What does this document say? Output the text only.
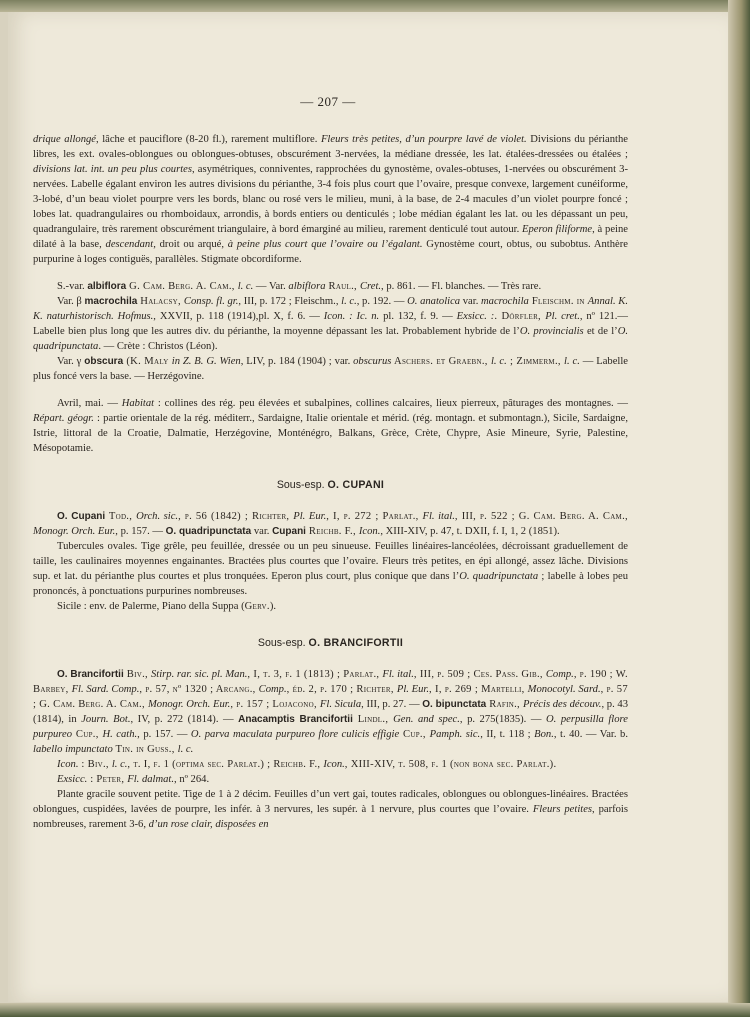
— 207 —

drique allongé, lâche et pauciflore (8-20 fl.), rarement multiflore. Fleurs très petites, d’un pourpre lavé de violet. Divisions du périanthe libres, les ext. ovales-oblongues ou oblongues-obtuses, obscurément 3-nervées, la médiane dressée, les lat. étalées-dressées ou étalées ; divisions lat. int. un peu plus courtes, asymétriques, conniventes, rapprochées du gynostème, ovales-obtuses, 1-nervées ou obscurément 3-nervées. Labelle égalant environ les autres divisions du périanthe, 3-4 fois plus court que l’ovaire, presque convexe, largement cunéiforme, 3-lobé, d’un beau violet pourpre vers les bords, blanc ou rosé vers le milieu, muni, à la base, de 2-4 macules d’un violet pourpre foncé ; lobes lat. quadrangulaires ou rhomboidaux, arrondis, à bords entiers ou denticulés ; lobe médian égalant les lat. ou les dépassant un peu, quadrangulaire, très rarement obscurément triangulaire, à bord émarginé au milieu, rarement denticulé tout autour. Eperon filiforme, à peine dilaté à la base, descendant, droit ou arqué, à peine plus court que l’ovaire ou l’égalant. Gynostème court, obtus, ou subobtus. Anthère purpurine à loges contiguës, parallèles. Stigmate obcordiforme.

S.-var. albiflora G. Cam. Berg. A. Cam., l. c. — Var. albiflora Raul., Cret., p. 861. — Fl. blanches. — Très rare.

Var. β macrochila Halacsy, Consp. fl. gr., III, p. 172 ; Fleischm., l. c., p. 192. — O. anatolica var. macrochila Fleischm. in Annal. K. K. naturhistorisch. Hofmus., XXVII, p. 118 (1914),pl. X, f. 6. — Icon. : Ic. n. pl. 132, f. 9. — Exsicc. :. Dörfler, Pl. cret., nº 121.— Labelle bien plus long que les autres div. du périanthe, la moyenne dépassant les lat. Probablement hybride de l’O. provincialis et de l’O. quadripunctata. — Crète : Christos (Léon).

Var. γ obscura (K. Maly in Z. B. G. Wien, LIV, p. 184 (1904) ; var. obscurus Aschers. et Graebn., l. c. ; Zimmerm., l. c. — Labelle plus foncé vers la base. — Herzégovine.

Avril, mai. — Habitat : collines des rég. peu élevées et subalpines, collines calcaires, lieux pierreux, pâturages des montagnes. — Répart. géogr. : partie orientale de la rég. méditerr., Sardaigne, Italie orientale et mérid. (rég. montagn. et submontagn.), Sicile, Sardaigne, Istrie, littoral de la Croatie, Dalmatie, Herzégovine, Monténégro, Balkans, Grèce, Crète, Chypre, Asie Mineure, Syrie, Palestine, Mésopotamie.

Sous-esp. O. CUPANI

O. Cupani Tod., Orch. sic., p. 56 (1842) ; Richter, Pl. Eur., I, p. 272 ; Parlat., Fl. ital., III, p. 522 ; G. Cam. Berg. A. Cam., Monogr. Orch. Eur., p. 157. — O. quadripunctata var. Cupani Reichb. F., Icon., XIII-XIV, p. 47, t. DXII, f. I, 1, 2 (1851).

Tubercules ovales. Tige grêle, peu feuillée, dressée ou un peu sinueuse. Feuilles linéaires-lancéolées, décroissant graduellement de taille, les caulinaires moyennes engainantes. Bractées plus courtes que l’ovaire. Fleurs très petites, en épi allongé, assez lâche. Divisions sup. et lat. du périanthe plus courtes et plus tronquées. Eperon plus court, plus conique que dans l’O. quadripunctata ; labelle à lobes peu prononcés, à ponctuations purpurines nombreuses.

Sicile : env. de Palerme, Piano della Suppa (Gerv.).

Sous-esp. O. BRANCIFORTII

O. Brancifortii Biv., Stirp. rar. sic. pl. Man., I, t. 3, f. 1 (1813) ; Parlat., Fl. ital., III, p. 509 ; Ces. Pass. Gib., Comp., p. 190 ; W. Barbey, Fl. Sard. Comp., p. 57, nº 1320 ; Arcang., Comp., éd. 2, p. 170 ; Richter, Pl. Eur., I, p. 269 ; Martelli, Monocotyl. Sard., p. 57 ; G. Cam. Berg. A. Cam., Monogr. Orch. Eur., p. 157 ; Lojacono, Fl. Sicula, III, p. 27. — O. bipunctata Rafin., Précis des découv., p. 43 (1814), in Journ. Bot., IV, p. 272 (1814). — Anacamptis Brancifortii Lindl., Gen. and spec., p. 275(1835). — O. perpusilla flore purpureo Cup., H. cath., p. 157. — O. parva maculata purpureo flore culicis effigie Cup., Pamph. sic., II, t. 118 ; Bon., t. 40. — Var. b. labello impunctato Tin. in Guss., l. c.

Icon. : Biv., l. c., t. I, f. 1 (optima sec. Parlat.) ; Reichb. F., Icon., XIII-XIV, t. 508, f. 1 (non bona sec. Parlat.).

Exsicc. : Peter, Fl. dalmat., nº 264.

Plante gracile souvent petite. Tige de 1 à 2 décim. Feuilles d’un vert gai, toutes radicales, oblongues ou oblongues-linéaires. Bractées oblongues, cuspidées, lavées de pourpre, les infér. à 3 nervures, les supér. à 1 nervure, plus courtes que l’ovaire. Fleurs petites, parfois nombreuses, rarement 3-6, d’un rose clair, disposées en
